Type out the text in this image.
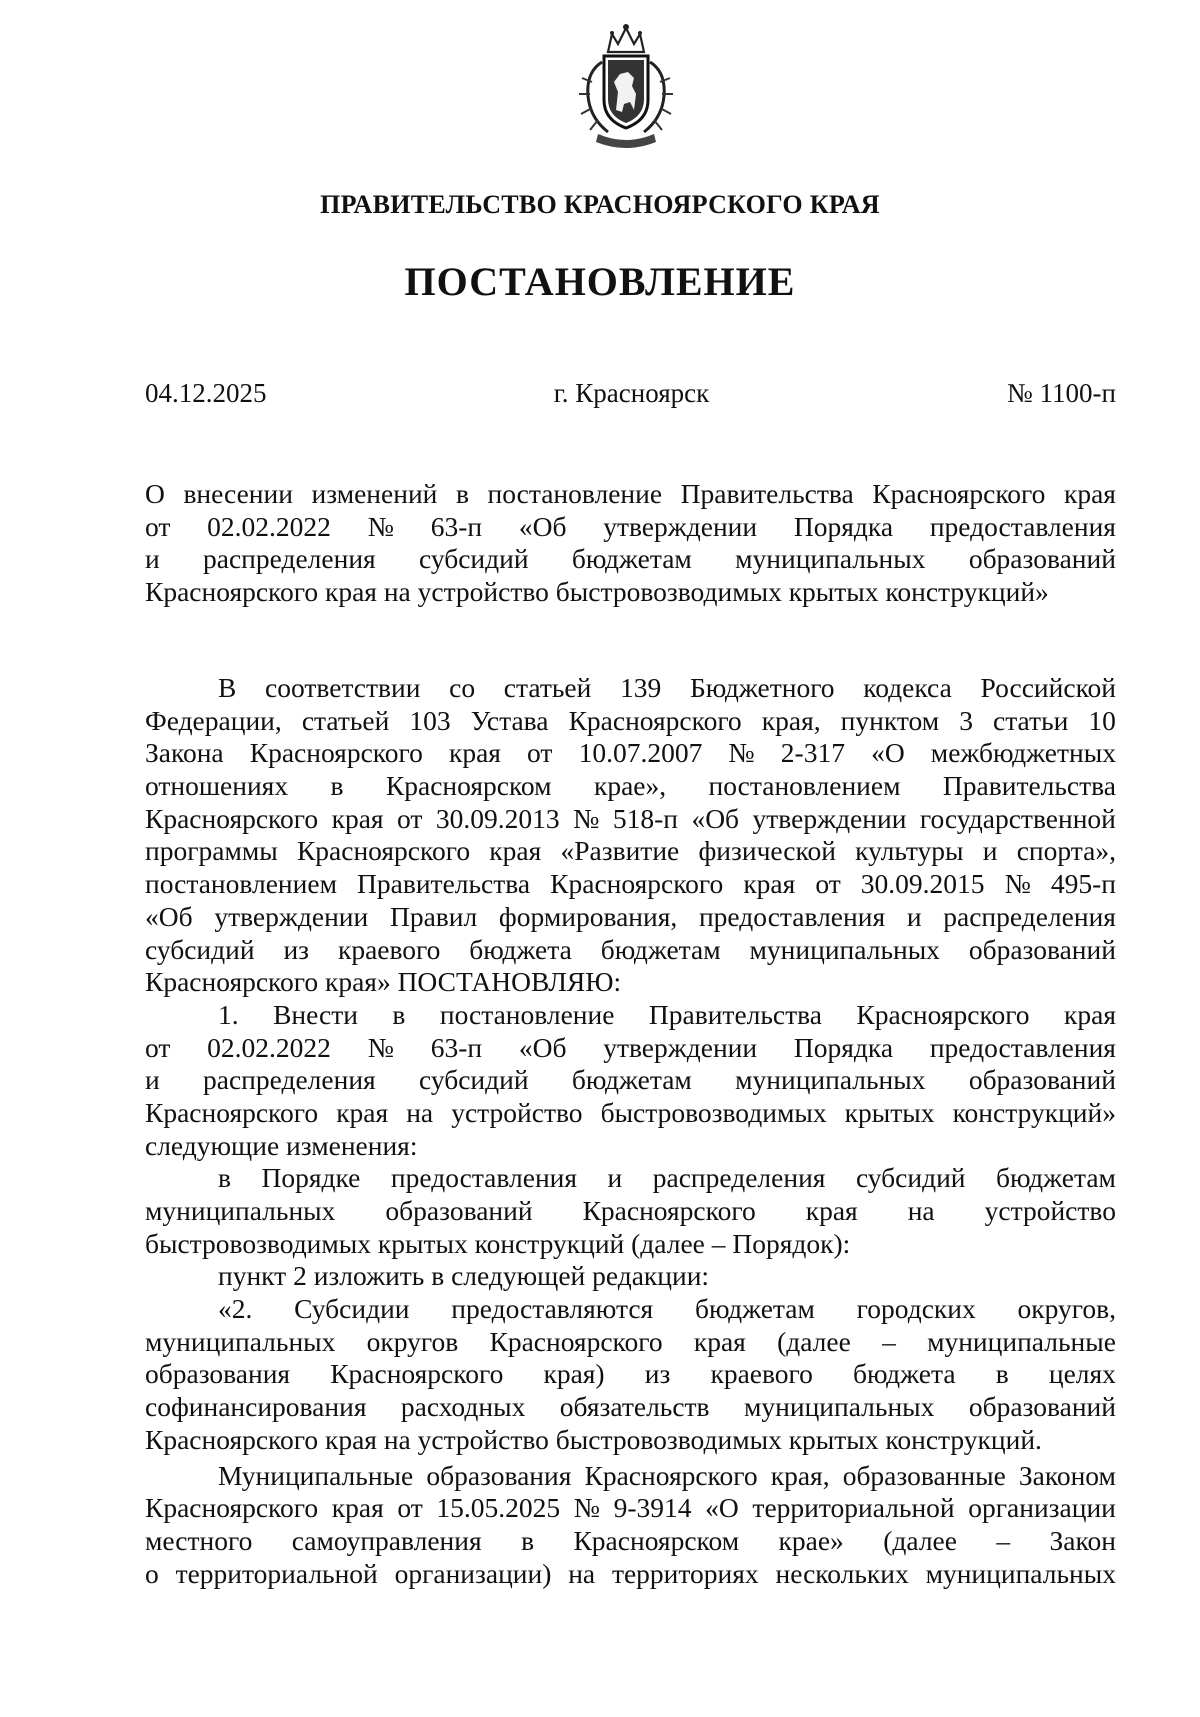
ПРАВИТЕЛЬСТВО КРАСНОЯРСКОГО КРАЯ
ПОСТАНОВЛЕНИЕ
04.12.2025	г. Красноярск	№ 1100-п
О внесении изменений в постановление Правительства Красноярского края
от 02.02.2022 № 63-п «Об утверждении Порядка предоставления
и распределения субсидий бюджетам муниципальных образований
Красноярского края на устройство быстровозводимых крытых конструкций»
В соответствии со статьей 139 Бюджетного кодекса Российской
Федерации, статьей 103 Устава Красноярского края, пунктом 3 статьи 10
Закона Красноярского края от 10.07.2007 № 2-317 «О межбюджетных
отношениях в Красноярском крае», постановлением Правительства
Красноярского края от 30.09.2013 № 518-п «Об утверждении государственной
программы Красноярского края «Развитие физической культуры и спорта»,
постановлением Правительства Красноярского края от 30.09.2015 № 495-п
«Об утверждении Правил формирования, предоставления и распределения
субсидий из краевого бюджета бюджетам муниципальных образований
Красноярского края» ПОСТАНОВЛЯЮ:
1. Внести в постановление Правительства Красноярского края
от 02.02.2022 № 63-п «Об утверждении Порядка предоставления
и распределения субсидий бюджетам муниципальных образований
Красноярского края на устройство быстровозводимых крытых конструкций»
следующие изменения:
в Порядке предоставления и распределения субсидий бюджетам
муниципальных образований Красноярского края на устройство
быстровозводимых крытых конструкций (далее – Порядок):
пункт 2 изложить в следующей редакции:
«2. Субсидии предоставляются бюджетам городских округов,
муниципальных округов Красноярского края (далее – муниципальные
образования Красноярского края) из краевого бюджета в целях
софинансирования расходных обязательств муниципальных образований
Красноярского края на устройство быстровозводимых крытых конструкций.
Муниципальные образования Красноярского края, образованные Законом
Красноярского края от 15.05.2025 № 9-3914 «О территориальной организации
местного самоуправления в Красноярском крае» (далее – Закон
о территориальной организации) на территориях нескольких муниципальных
